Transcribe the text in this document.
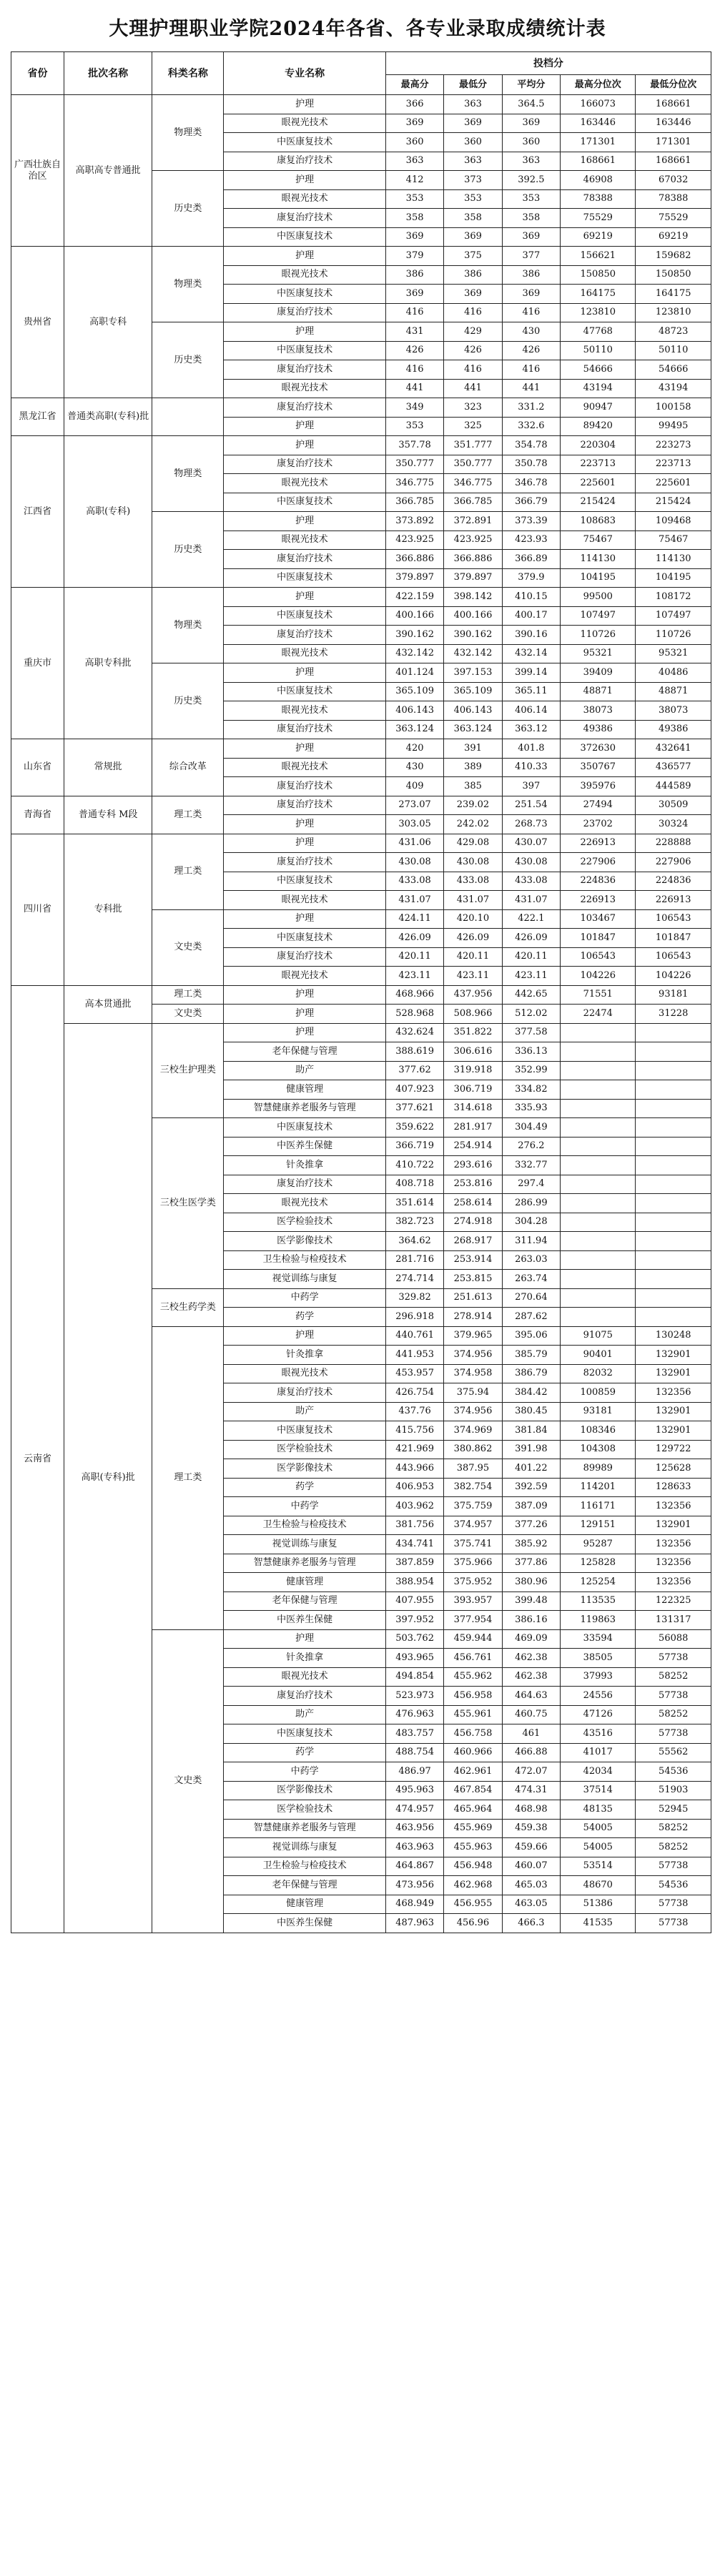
大理护理职业学院2024年各省、各专业录取成绩统计表
省份	批次名称	科类名称	专业名称	投档分				
				最高分	最低分	平均分	最高分位次	最低分位次
广西壮族自治区	高职高专普通批	物理类	护理	366	363	364.5	166073	168661
			眼视光技术	369	369	369	163446	163446
			中医康复技术	360	360	360	171301	171301
			康复治疗技术	363	363	363	168661	168661
		历史类	护理	412	373	392.5	46908	67032
			眼视光技术	353	353	353	78388	78388
			康复治疗技术	358	358	358	75529	75529
			中医康复技术	369	369	369	69219	69219
贵州省	高职专科	物理类	护理	379	375	377	156621	159682
			眼视光技术	386	386	386	150850	150850
			中医康复技术	369	369	369	164175	164175
			康复治疗技术	416	416	416	123810	123810
		历史类	护理	431	429	430	47768	48723
			中医康复技术	426	426	426	50110	50110
			康复治疗技术	416	416	416	54666	54666
			眼视光技术	441	441	441	43194	43194
黑龙江省	普通类高职(专科)批		康复治疗技术	349	323	331.2	90947	100158
			护理	353	325	332.6	89420	99495
江西省	高职(专科)	物理类	护理	357.78	351.777	354.78	220304	223273
			康复治疗技术	350.777	350.777	350.78	223713	223713
			眼视光技术	346.775	346.775	346.78	225601	225601
			中医康复技术	366.785	366.785	366.79	215424	215424
		历史类	护理	373.892	372.891	373.39	108683	109468
			眼视光技术	423.925	423.925	423.93	75467	75467
			康复治疗技术	366.886	366.886	366.89	114130	114130
			中医康复技术	379.897	379.897	379.9	104195	104195
重庆市	高职专科批	物理类	护理	422.159	398.142	410.15	99500	108172
			中医康复技术	400.166	400.166	400.17	107497	107497
			康复治疗技术	390.162	390.162	390.16	110726	110726
			眼视光技术	432.142	432.142	432.14	95321	95321
		历史类	护理	401.124	397.153	399.14	39409	40486
			中医康复技术	365.109	365.109	365.11	48871	48871
			眼视光技术	406.143	406.143	406.14	38073	38073
			康复治疗技术	363.124	363.124	363.12	49386	49386
山东省	常规批	综合改革	护理	420	391	401.8	372630	432641
			眼视光技术	430	389	410.33	350767	436577
			康复治疗技术	409	385	397	395976	444589
青海省	普通专科 M段	理工类	康复治疗技术	273.07	239.02	251.54	27494	30509
			护理	303.05	242.02	268.73	23702	30324
四川省	专科批	理工类	护理	431.06	429.08	430.07	226913	228888
			康复治疗技术	430.08	430.08	430.08	227906	227906
			中医康复技术	433.08	433.08	433.08	224836	224836
			眼视光技术	431.07	431.07	431.07	226913	226913
		文史类	护理	424.11	420.10	422.1	103467	106543
			中医康复技术	426.09	426.09	426.09	101847	101847
			康复治疗技术	420.11	420.11	420.11	106543	106543
			眼视光技术	423.11	423.11	423.11	104226	104226
云南省	高本贯通批	理工类	护理	468.966	437.956	442.65	71551	93181
		文史类	护理	528.968	508.966	512.02	22474	31228
	高职(专科)批	三校生护理类	护理	432.624	351.822	377.58		
			老年保健与管理	388.619	306.616	336.13		
			助产	377.62	319.918	352.99		
			健康管理	407.923	306.719	334.82		
			智慧健康养老服务与管理	377.621	314.618	335.93		
		三校生医学类	中医康复技术	359.622	281.917	304.49		
			中医养生保健	366.719	254.914	276.2		
			针灸推拿	410.722	293.616	332.77		
			康复治疗技术	408.718	253.816	297.4		
			眼视光技术	351.614	258.614	286.99		
			医学检验技术	382.723	274.918	304.28		
			医学影像技术	364.62	268.917	311.94		
			卫生检验与检疫技术	281.716	253.914	263.03		
			视觉训练与康复	274.714	253.815	263.74		
		三校生药学类	中药学	329.82	251.613	270.64		
			药学	296.918	278.914	287.62		
		理工类	护理	440.761	379.965	395.06	91075	130248
			针灸推拿	441.953	374.956	385.79	90401	132901
			眼视光技术	453.957	374.958	386.79	82032	132901
			康复治疗技术	426.754	375.94	384.42	100859	132356
			助产	437.76	374.956	380.45	93181	132901
			中医康复技术	415.756	374.969	381.84	108346	132901
			医学检验技术	421.969	380.862	391.98	104308	129722
			医学影像技术	443.966	387.95	401.22	89989	125628
			药学	406.953	382.754	392.59	114201	128633
			中药学	403.962	375.759	387.09	116171	132356
			卫生检验与检疫技术	381.756	374.957	377.26	129151	132901
			视觉训练与康复	434.741	375.741	385.92	95287	132356
			智慧健康养老服务与管理	387.859	375.966	377.86	125828	132356
			健康管理	388.954	375.952	380.96	125254	132356
			老年保健与管理	407.955	393.957	399.48	113535	122325
			中医养生保健	397.952	377.954	386.16	119863	131317
		文史类	护理	503.762	459.944	469.09	33594	56088
			针灸推拿	493.965	456.761	462.38	38505	57738
			眼视光技术	494.854	455.962	462.38	37993	58252
			康复治疗技术	523.973	456.958	464.63	24556	57738
			助产	476.963	455.961	460.75	47126	58252
			中医康复技术	483.757	456.758	461	43516	57738
			药学	488.754	460.966	466.88	41017	55562
			中药学	486.97	462.961	472.07	42034	54536
			医学影像技术	495.963	467.854	474.31	37514	51903
			医学检验技术	474.957	465.964	468.98	48135	52945
			智慧健康养老服务与管理	463.956	455.969	459.38	54005	58252
			视觉训练与康复	463.963	455.963	459.66	54005	58252
			卫生检验与检疫技术	464.867	456.948	460.07	53514	57738
			老年保健与管理	473.956	462.968	465.03	48670	54536
			健康管理	468.949	456.955	463.05	51386	57738
			中医养生保健	487.963	456.96	466.3	41535	57738
